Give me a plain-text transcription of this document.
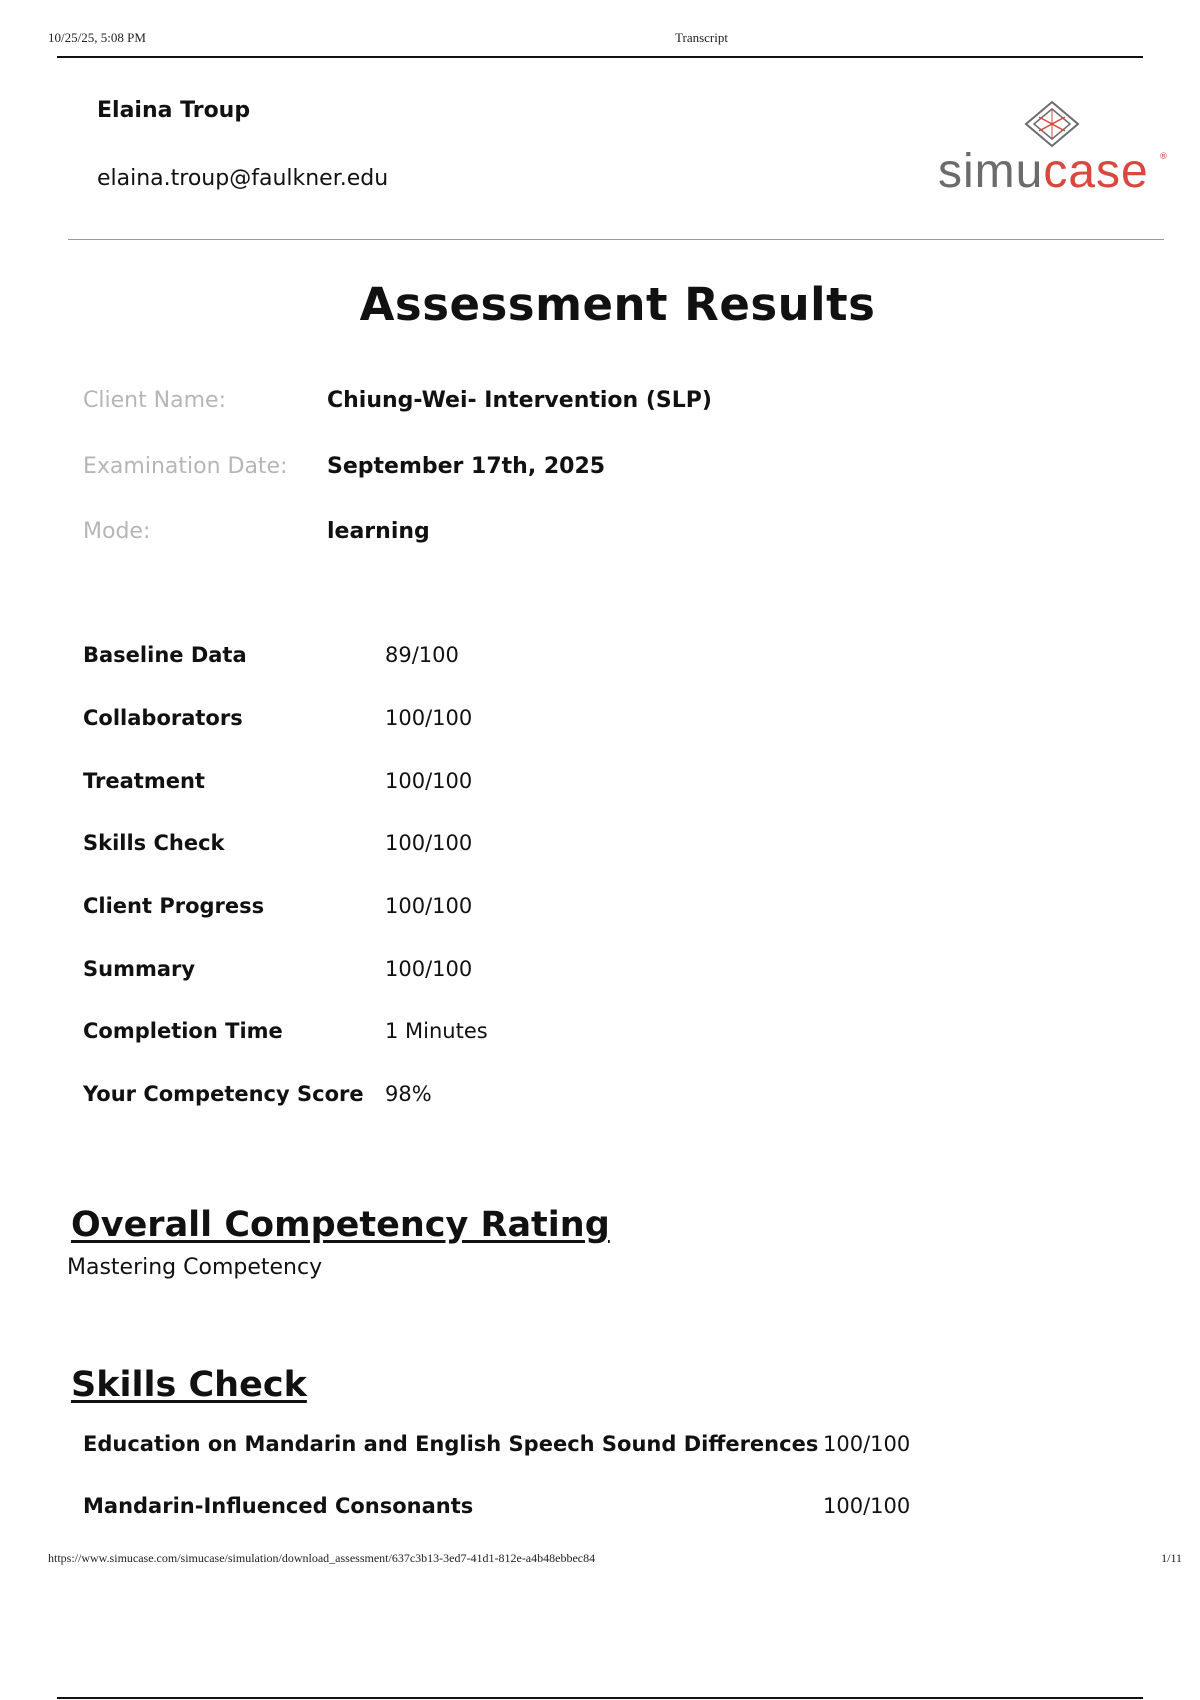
10/25/25, 5:08 PM	Transcript
Elaina Troup
elaina.troup@faulkner.edu	simucase ®
Assessment Results
Client Name:	Chiung-Wei- Intervention (SLP)
Examination Date: September 17th, 2025
Mode:	learning
Baseline Data	89/100
Collaborators	100/100
Treatment	100/100
Skills Check	100/100
Client Progress	100/100
Summary	100/100
Completion Time	1 Minutes
Your Competency Score 98%
Overall Competency Rating
Mastering Competency
Skills Check
Education on Mandarin and English Speech Sound Differences 100/100
Mandarin-Influenced Consonants	100/100
https://www.simucase.com/simucase/simulation/download_assessment/637c3b13-3ed7-41d1-812e-a4b48ebbec84	1/11
